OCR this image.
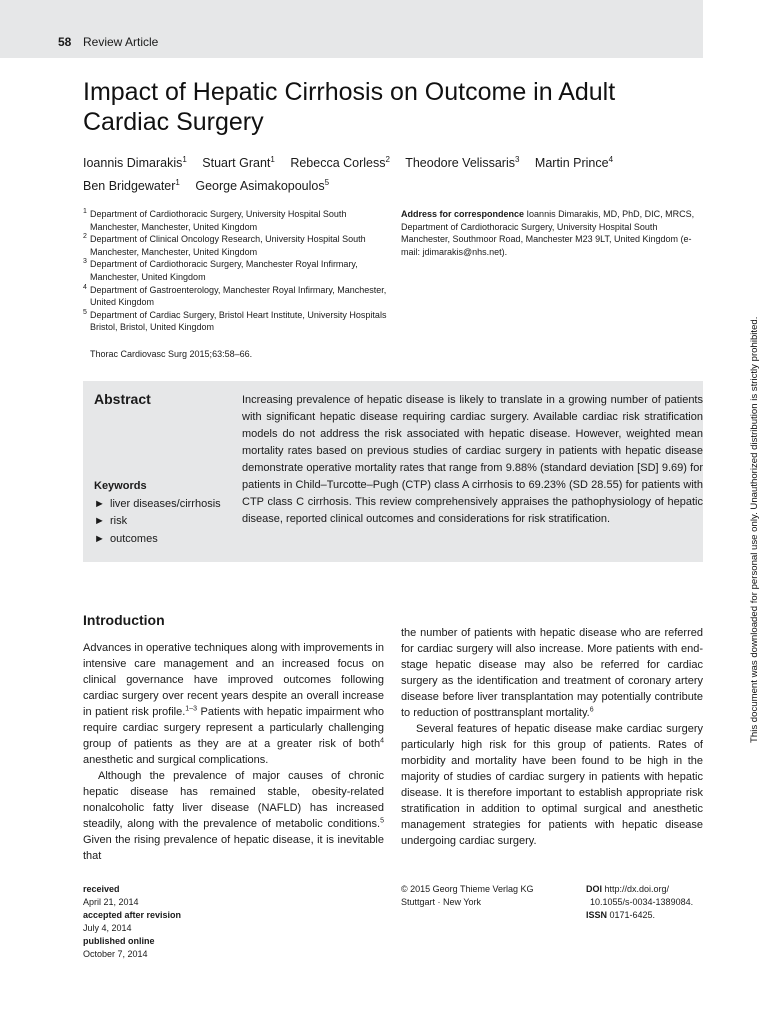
58 Review Article
Impact of Hepatic Cirrhosis on Outcome in Adult Cardiac Surgery
Ioannis Dimarakis$^1$ Stuart Grant$^1$ Rebecca Corless$^2$ Theodore Velissaris$^3$ Martin Prince$^4$
Ben Bridgewater$^1$ George Asimakopoulos$^5$
1 Department of Cardiothoracic Surgery, University Hospital South Manchester, Manchester, United Kingdom
2 Department of Clinical Oncology Research, University Hospital South Manchester, Manchester, United Kingdom
3 Department of Cardiothoracic Surgery, Manchester Royal Infirmary, Manchester, United Kingdom
4 Department of Gastroenterology, Manchester Royal Infirmary, Manchester, United Kingdom
5 Department of Cardiac Surgery, Bristol Heart Institute, University Hospitals Bristol, Bristol, United Kingdom
Address for correspondence Ioannis Dimarakis, MD, PhD, DIC, MRCS, Department of Cardiothoracic Surgery, University Hospital South Manchester, Southmoor Road, Manchester M23 9LT, United Kingdom (e-mail: jdimarakis@nhs.net).
Thorac Cardiovasc Surg 2015;63:58–66.
Abstract	Increasing prevalence of hepatic disease is likely to translate in a growing number of patients with significant hepatic disease requiring cardiac surgery. Available cardiac risk stratification models do not address the risk associated with hepatic disease. However, weighted mean mortality rates based on previous studies of cardiac surgery in patients with hepatic disease demonstrate operative mortality rates that range from 9.88% (standard deviation [SD] 9.69) for patients in Child–Turcotte–Pugh (CTP) class A cirrhosis to 69.23% (SD 28.55) for patients with CTP class C cirrhosis. This review comprehensively appraises the pathophysiology of hepatic disease, reported clinical outcomes and considerations for risk stratification.
Keywords
► liver diseases/cirrhosis
► risk
► outcomes
Introduction

Advances in operative techniques along with improvements in intensive care management and an increased focus on clinical governance have improved outcomes following cardiac surgery over recent years despite an overall increase in patient risk profile.$^{1-3}$ Patients with hepatic impairment who require cardiac surgery represent a particularly challenging group of patients as they are at a greater risk of both$^4$ anesthetic and surgical complications.

Although the prevalence of major causes of chronic hepatic disease has remained stable, obesity-related nonalcoholic fatty liver disease (NAFLD) has increased steadily, along with the prevalence of metabolic conditions.$^5$ Given the rising prevalence of hepatic disease, it is inevitable that

the number of patients with hepatic disease who are referred for cardiac surgery will also increase. More patients with end-stage hepatic disease may also be referred for cardiac surgery as the identification and treatment of coronary artery disease before liver transplantation may potentially contribute to reduction of posttransplant mortality.$^6$

Several features of hepatic disease make cardiac surgery particularly high risk for this group of patients. Rates of morbidity and mortality have been found to be high in the majority of studies of cardiac surgery in patients with hepatic disease. It is therefore important to establish appropriate risk stratification in addition to optimal surgical and anesthetic management strategies for patients with hepatic disease undergoing cardiac surgery.

received
April 21, 2014
accepted after revision
July 4, 2014
published online
October 7, 2014
© 2015 Georg Thieme Verlag KG
Stuttgart · New York
DOI http://dx.doi.org/
10.1055/s-0034-1389084.
ISSN 0171-6425.
This document was downloaded for personal use only. Unauthorized distribution is strictly prohibited.
